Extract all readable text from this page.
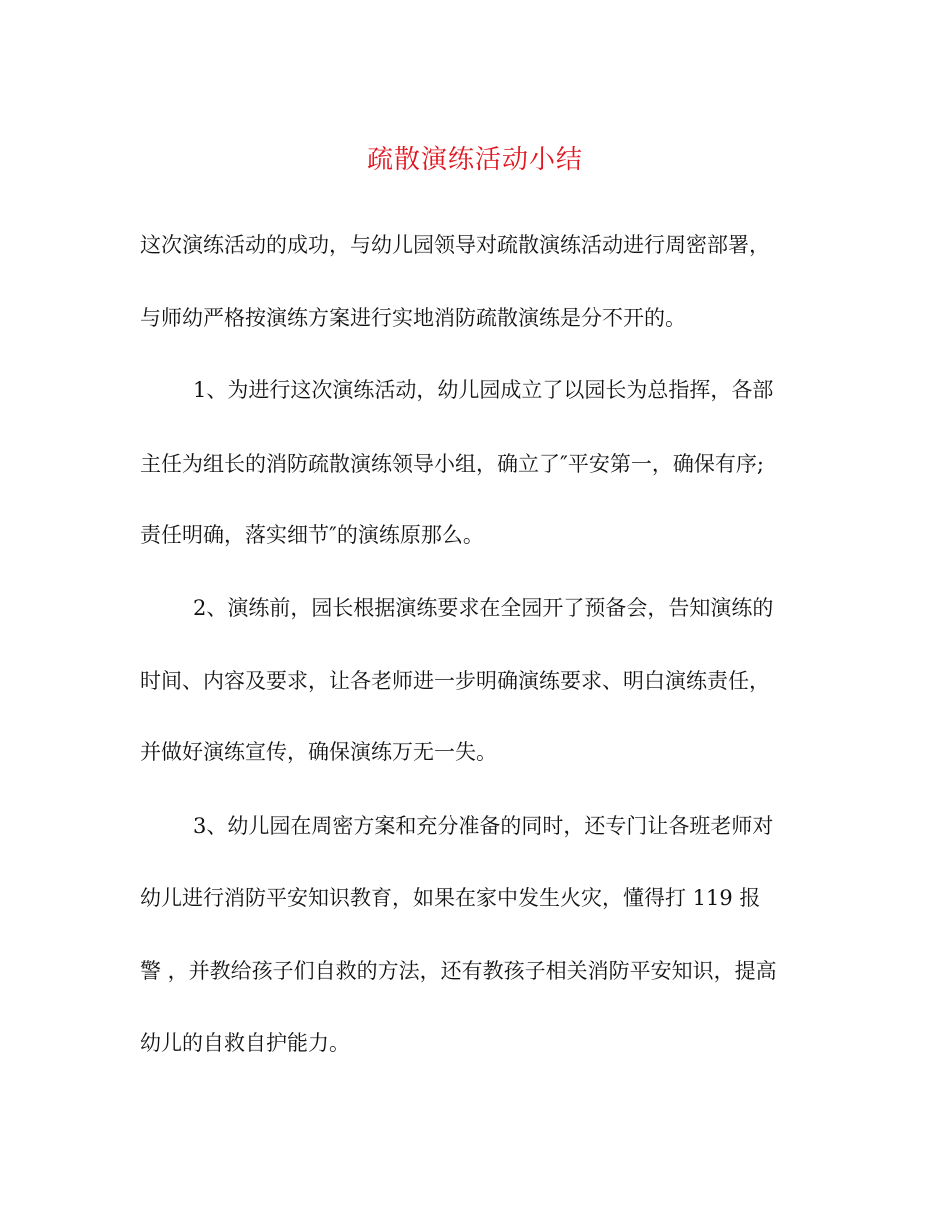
疏散演练活动小结
这次演练活动的成功，与幼儿园领导对疏散演练活动进行周密部署，
与师幼严格按演练方案进行实地消防疏散演练是分不开的。
1、为进行这次演练活动，幼儿园成立了以园长为总指挥，各部
主任为组长的消防疏散演练领导小组，确立了″平安第一，确保有序;
责任明确，落实细节″的演练原那么。
2、演练前，园长根据演练要求在全园开了预备会，告知演练的
时间、内容及要求，让各老师进一步明确演练要求、明白演练责任，
并做好演练宣传，确保演练万无一失。
3、幼儿园在周密方案和充分准备的同时，还专门让各班老师对
幼儿进行消防平安知识教育，如果在家中发生火灾，懂得打 119 报
警 ，并教给孩子们自救的方法，还有教孩子相关消防平安知识，提高
幼儿的自救自护能力。
